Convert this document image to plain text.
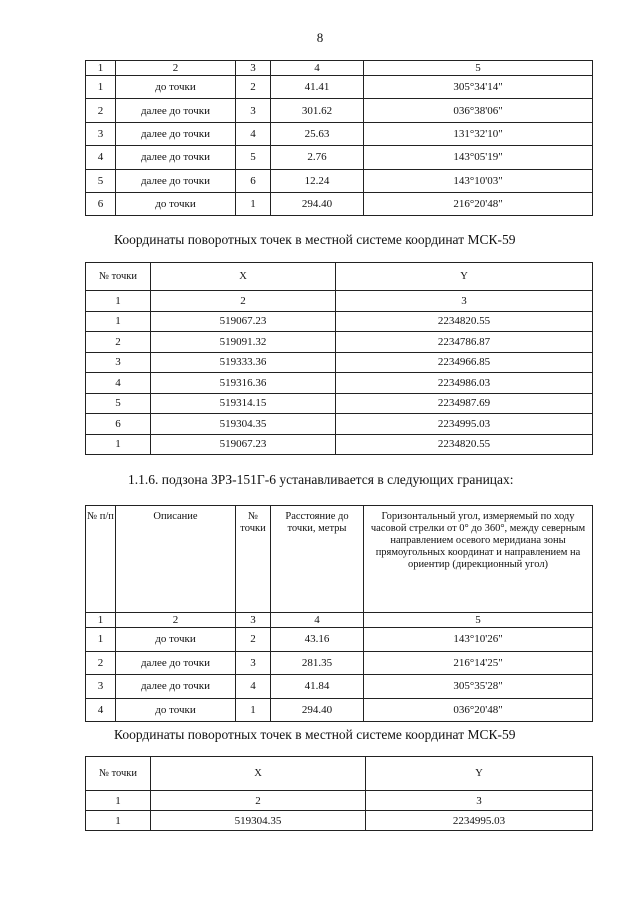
8
1	2	3	4	5
1	до точки	2	41.41	305°34'14"
2	далее до точки	3	301.62	036°38'06"
3	далее до точки	4	25.63	131°32'10"
4	далее до точки	5	2.76	143°05'19"
5	далее до точки	6	12.24	143°10'03"
6	до точки	1	294.40	216°20'48"
Координаты поворотных точек в местной системе координат МСК-59
№ точки	X	Y
1	2	3
1	519067.23	2234820.55
2	519091.32	2234786.87
3	519333.36	2234966.85
4	519316.36	2234986.03
5	519314.15	2234987.69
6	519304.35	2234995.03
1	519067.23	2234820.55
1.1.6. подзона ЗРЗ-151Г-6 устанавливается в следующих границах:
№ п/п	Описание	№ точки	Расстояние до точки, метры	Горизонтальный угол, измеряемый по ходу часовой стрелки от 0° до 360°, между северным направлением осевого меридиана зоны прямоугольных координат и направлением на ориентир (дирекционный угол)
1	2	3	4	5
1	до точки	2	43.16	143°10'26"
2	далее до точки	3	281.35	216°14'25"
3	далее до точки	4	41.84	305°35'28"
4	до точки	1	294.40	036°20'48"
Координаты поворотных точек в местной системе координат МСК-59
№ точки	X	Y
1	2	3
1	519304.35	2234995.03
